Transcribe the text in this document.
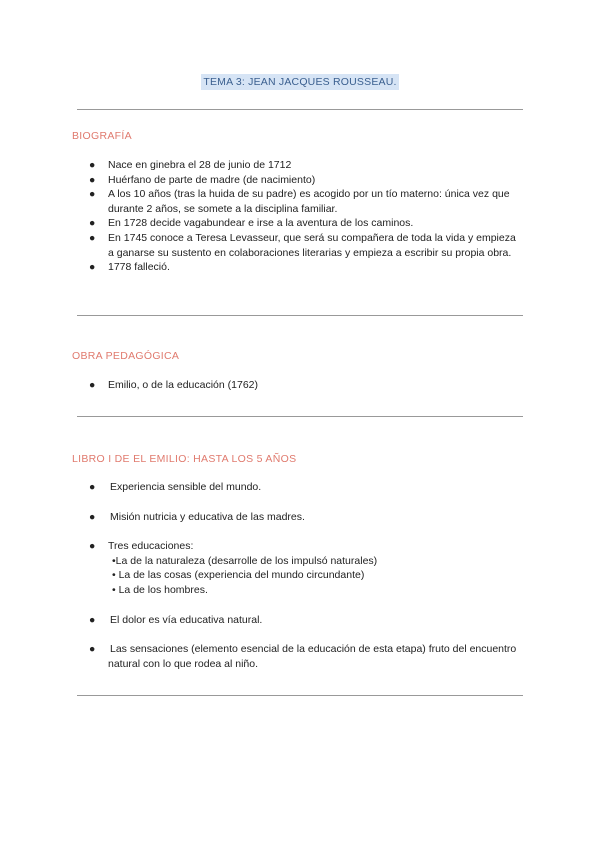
TEMA 3: JEAN JACQUES ROUSSEAU.
BIOGRAFÍA
● Nace en ginebra el 28 de junio de 1712
● Huérfano de parte de madre (de nacimiento)
● A los 10 años (tras la huida de su padre) es acogido por un tío materno: única vez que durante 2 años, se somete a la disciplina familiar.
● En 1728 decide vagabundear e irse a la aventura de los caminos.
● En 1745 conoce a Teresa Levasseur, que será su compañera de toda la vida y empieza a ganarse su sustento en colaboraciones literarias y empieza a escribir su propia obra.
● 1778 falleció.
OBRA PEDAGÓGICA
● Emilio, o de la educación (1762)
LIBRO I DE EL EMILIO: HASTA LOS 5 AÑOS
● Experiencia sensible del mundo.
● Misión nutricia y educativa de las madres.
● Tres educaciones:
•La de la naturaleza (desarrolle de los impulsó naturales)
• La de las cosas (experiencia del mundo circundante)
• La de los hombres.
● El dolor es vía educativa natural.
● Las sensaciones (elemento esencial de la educación de esta etapa) fruto del encuentro natural con lo que rodea al niño.
